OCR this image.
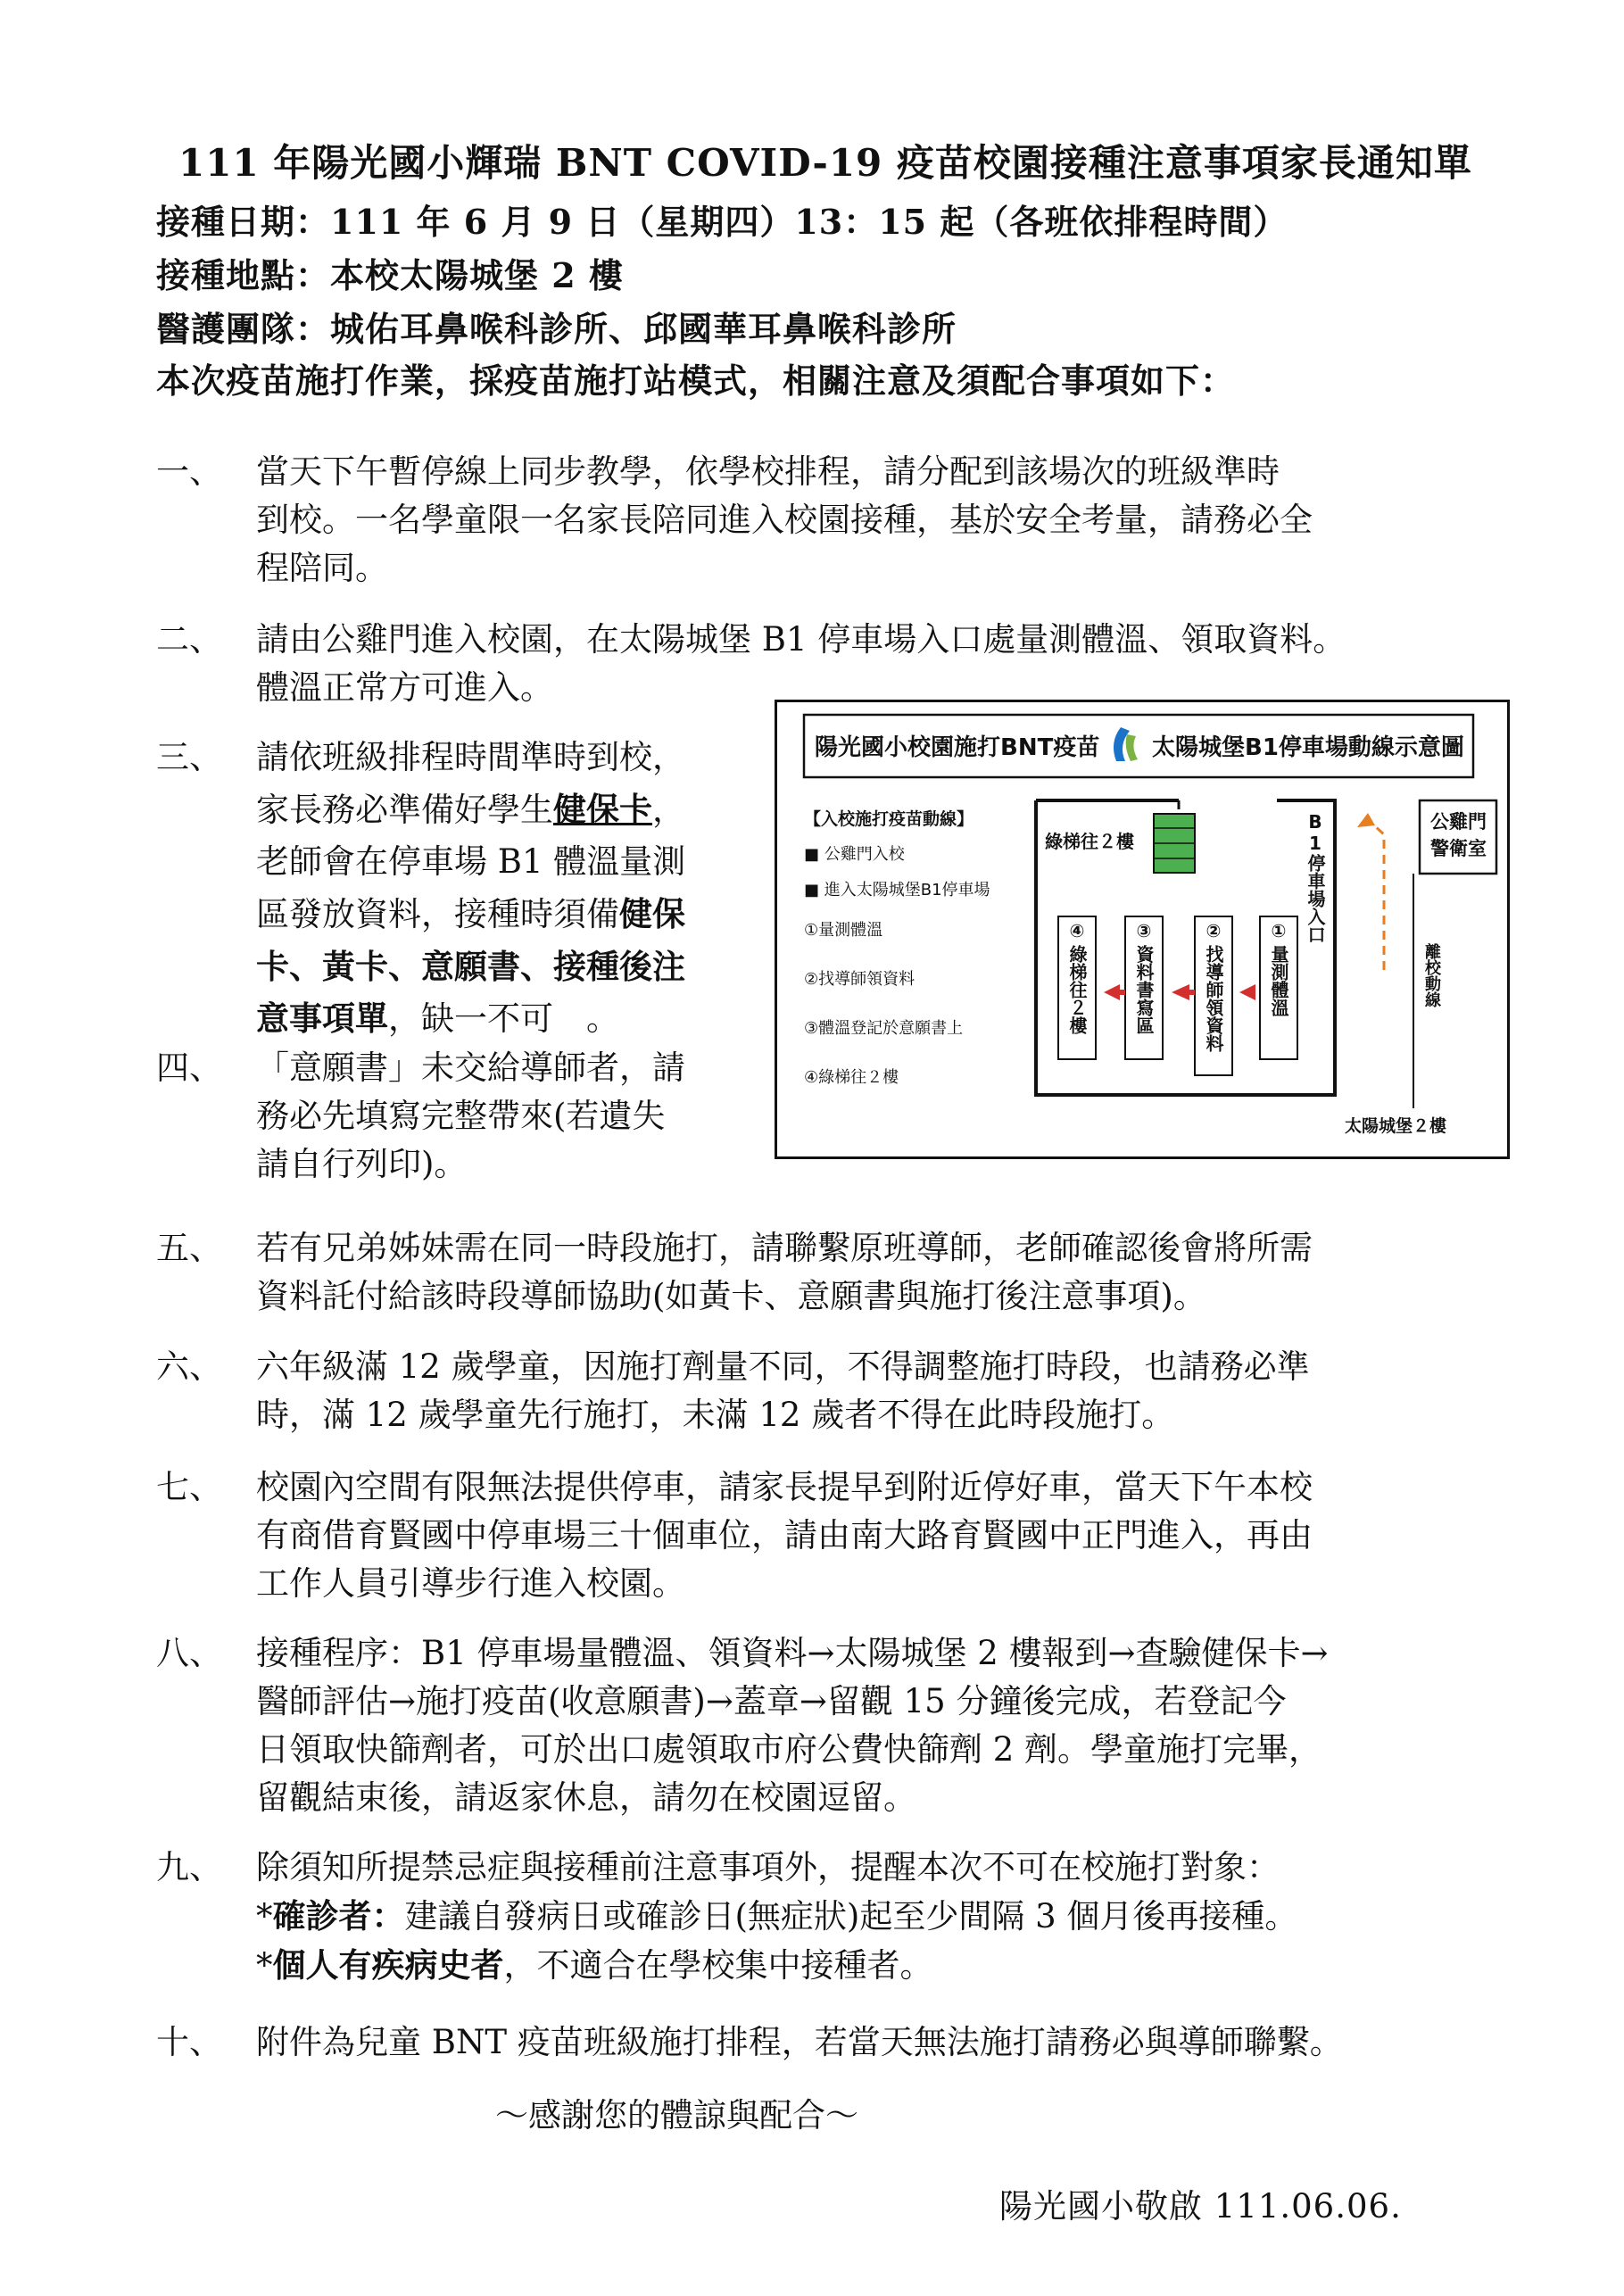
111 年陽光國小輝瑞 BNT COVID-19 疫苗校園接種注意事項家長通知單
接種日期：111 年 6 月 9 日（星期四）13：15 起（各班依排程時間）
接種地點：本校太陽城堡 2 樓
醫護團隊：城佑耳鼻喉科診所、邱國華耳鼻喉科診所
本次疫苗施打作業，採疫苗施打站模式，相關注意及須配合事項如下：
一、	當天下午暫停線上同步教學，依學校排程，請分配到該場次的班級準時
到校。一名學童限一名家長陪同進入校園接種，基於安全考量，請務必全
程陪同。
二、	請由公雞門進入校園，在太陽城堡 B1 停車場入口處量測體溫、領取資料。
體溫正常方可進入。
三、	請依班級排程時間準時到校，
家長務必準備好學生健保卡，
老師會在停車場 B1 體溫量測
區發放資料，接種時須備健保
卡、黃卡、意願書、接種後注
意事項單，缺一不可　。
四、	「意願書」未交給導師者，請
務必先填寫完整帶來(若遺失
請自行列印)。
五、	若有兄弟姊妹需在同一時段施打，請聯繫原班導師，老師確認後會將所需
資料託付給該時段導師協助(如黃卡、意願書與施打後注意事項)。
六、	六年級滿 12 歲學童，因施打劑量不同，不得調整施打時段，也請務必準
時，滿 12 歲學童先行施打，未滿 12 歲者不得在此時段施打。
七、	校園內空間有限無法提供停車，請家長提早到附近停好車，當天下午本校
有商借育賢國中停車場三十個車位，請由南大路育賢國中正門進入，再由
工作人員引導步行進入校園。
八、	接種程序：B1 停車場量體溫、領資料→太陽城堡 2 樓報到→查驗健保卡→
醫師評估→施打疫苗(收意願書)→蓋章→留觀 15 分鐘後完成，若登記今
日領取快篩劑者，可於出口處領取市府公費快篩劑 2 劑。學童施打完畢，
留觀結束後，請返家休息，請勿在校園逗留。
九、	除須知所提禁忌症與接種前注意事項外，提醒本次不可在校施打對象：
*確診者：建議自發病日或確診日(無症狀)起至少間隔 3 個月後再接種。
*個人有疾病史者，不適合在學校集中接種者。
十、	附件為兒童 BNT 疫苗班級施打排程，若當天無法施打請務必與導師聯繫。
～感謝您的體諒與配合～
陽光國小敬啟 111.06.06.
陽光國小校園施打BNT疫苗 太陽城堡B1停車場動線示意圖
【入校施打疫苗動線】
■ 公雞門入校
■ 進入太陽城堡B1停車場
①量測體溫
②找導師領資料
③體溫登記於意願書上
④綠梯往２樓
綠梯往２樓	B1停車場入口	公雞門
警衛室
離校動線
太陽城堡２樓
④
綠梯往２樓
③
資料書寫區
②
找導師領資料
①
量測體溫
